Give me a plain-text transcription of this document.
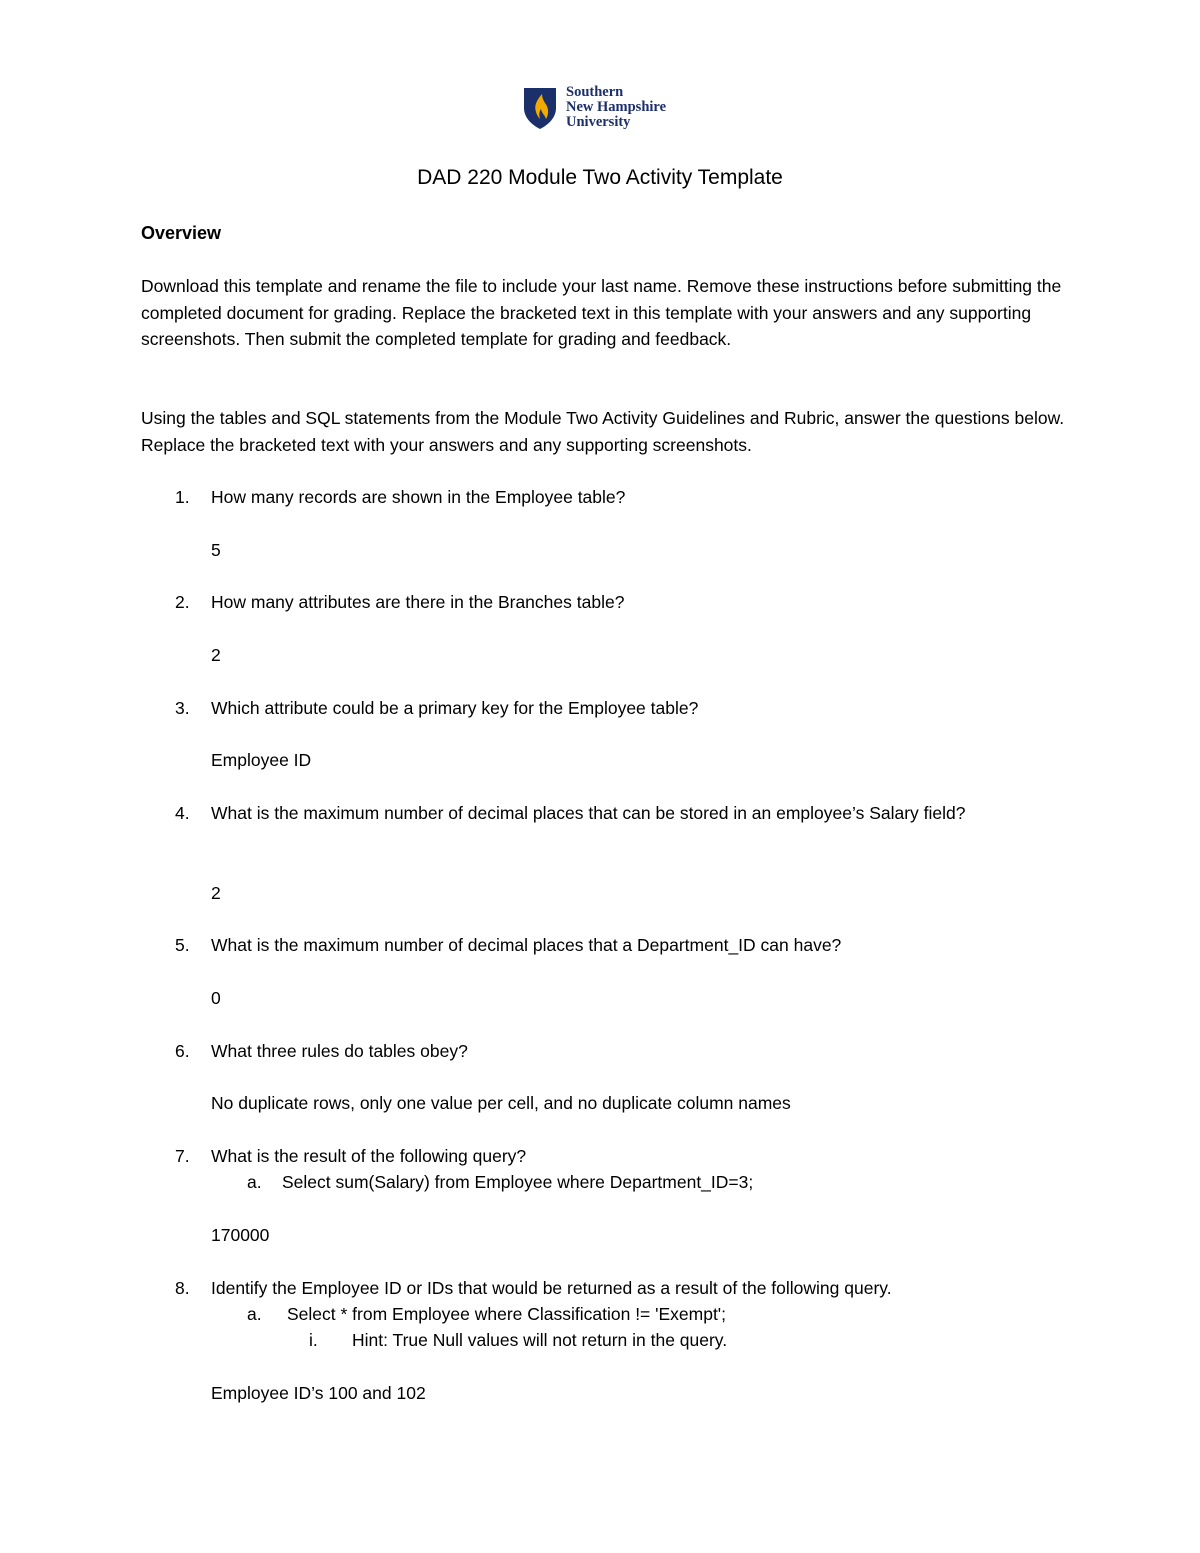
Southern
New Hampshire
University
DAD 220 Module Two Activity Template
Overview
Download this template and rename the file to include your last name. Remove these instructions before submitting the completed document for grading. Replace the bracketed text in this template with your answers and any supporting screenshots. Then submit the completed template for grading and feedback.
Using the tables and SQL statements from the Module Two Activity Guidelines and Rubric, answer the questions below. Replace the bracketed text with your answers and any supporting screenshots.
1.	How many records are shown in the Employee table?
5
2.	How many attributes are there in the Branches table?
2
3.	Which attribute could be a primary key for the Employee table?
Employee ID
4.	What is the maximum number of decimal places that can be stored in an employee’s Salary field?
2
5.	What is the maximum number of decimal places that a Department_ID can have?
0
6.	What three rules do tables obey?
No duplicate rows, only one value per cell, and no duplicate column names
7.	What is the result of the following query?
a. Select sum(Salary) from Employee where Department_ID=3;
170000
8.	Identify the Employee ID or IDs that would be returned as a result of the following query.
a. Select * from Employee where Classification != 'Exempt';
i. Hint: True Null values will not return in the query.
Employee ID’s 100 and 102
